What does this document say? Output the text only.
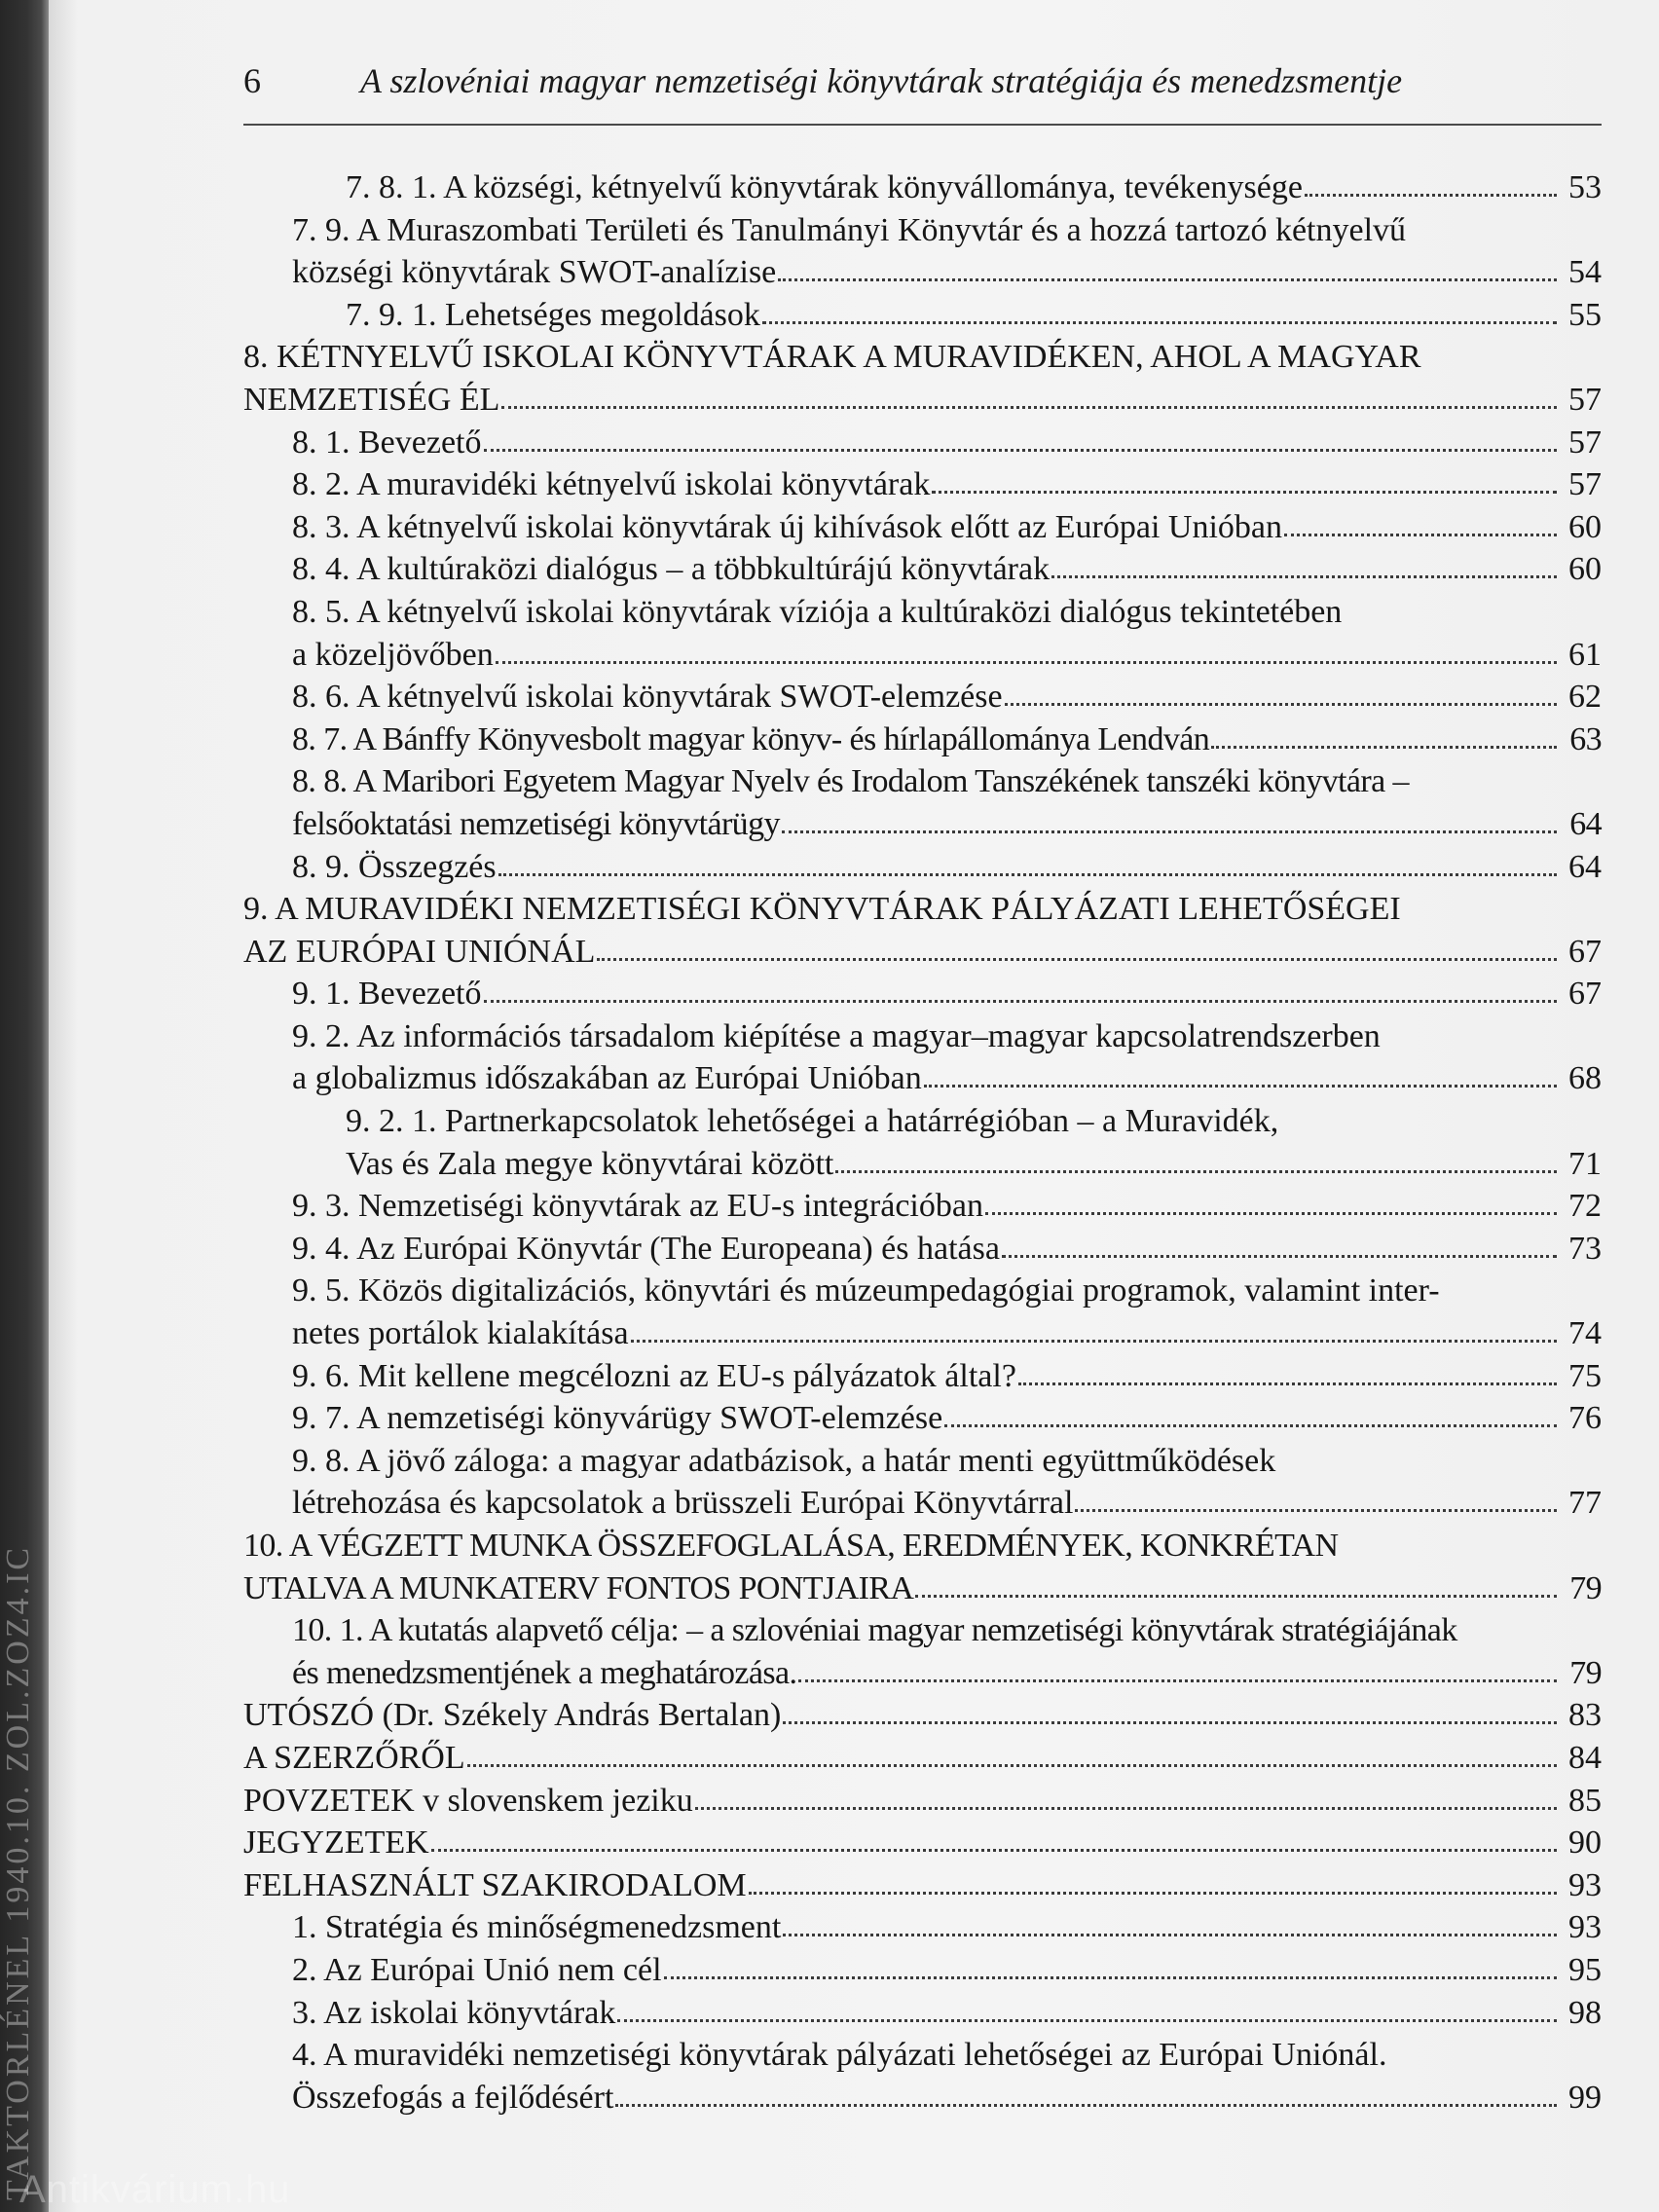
TAKTORLÉNEL 1940.10. ZOL.ZOZ4.IC
6	A szlovéniai magyar nemzetiségi könyvtárak stratégiája és menedzsmentje
7. 8. 1. A községi, kétnyelvű könyvtárak könyvállománya, tevékenysége	53
7. 9. A Muraszombati Területi és Tanulmányi Könyvtár és a hozzá tartozó kétnyelvű
községi könyvtárak SWOT-analízise	54
7. 9. 1. Lehetséges megoldások	55
8. KÉTNYELVŰ ISKOLAI KÖNYVTÁRAK A MURAVIDÉKEN, AHOL A MAGYAR
NEMZETISÉG ÉL	57
8. 1. Bevezető	57
8. 2. A muravidéki kétnyelvű iskolai könyvtárak	57
8. 3. A kétnyelvű iskolai könyvtárak új kihívások előtt az Európai Unióban	60
8. 4. A kultúraközi dialógus – a többkultúrájú könyvtárak	60
8. 5. A kétnyelvű iskolai könyvtárak víziója a kultúraközi dialógus tekintetében
a közeljövőben	61
8. 6. A kétnyelvű iskolai könyvtárak SWOT-elemzése	62
8. 7. A Bánffy Könyvesbolt magyar könyv- és hírlapállománya Lendván	63
8. 8. A Maribori Egyetem Magyar Nyelv és Irodalom Tanszékének tanszéki könyvtára –
felsőoktatási nemzetiségi könyvtárügy	64
8. 9. Összegzés	64
9. A MURAVIDÉKI NEMZETISÉGI KÖNYVTÁRAK PÁLYÁZATI LEHETŐSÉGEI
AZ EURÓPAI UNIÓNÁL	67
9. 1. Bevezető	67
9. 2. Az információs társadalom kiépítése a magyar–magyar kapcsolatrendszerben
a globalizmus időszakában az Európai Unióban	68
9. 2. 1. Partnerkapcsolatok lehetőségei a határrégióban – a Muravidék,
Vas és Zala megye könyvtárai között	71
9. 3. Nemzetiségi könyvtárak az EU-s integrációban	72
9. 4. Az Európai Könyvtár (The Europeana) és hatása	73
9. 5. Közös digitalizációs, könyvtári és múzeumpedagógiai programok, valamint inter-
netes portálok kialakítása	74
9. 6. Mit kellene megcélozni az EU-s pályázatok által?	75
9. 7. A nemzetiségi könyvárügy SWOT-elemzése	76
9. 8. A jövő záloga: a magyar adatbázisok, a határ menti együttműködések
létrehozása és kapcsolatok a brüsszeli Európai Könyvtárral	77
10. A VÉGZETT MUNKA ÖSSZEFOGLALÁSA, EREDMÉNYEK, KONKRÉTAN
UTALVA A MUNKATERV FONTOS PONTJAIRA	79
10. 1. A kutatás alapvető célja: – a szlovéniai magyar nemzetiségi könyvtárak stratégiájának
és menedzsmentjének a meghatározása.	79
UTÓSZÓ (Dr. Székely András Bertalan)	83
A SZERZŐRŐL	84
POVZETEK v slovenskem jeziku	85
JEGYZETEK	90
FELHASZNÁLT SZAKIRODALOM	93
1. Stratégia és minőségmenedzsment	93
2. Az Európai Unió nem cél	95
3. Az iskolai könyvtárak	98
4. A muravidéki nemzetiségi könyvtárak pályázati lehetőségei az Európai Uniónál.
Összefogás a fejlődésért	99
Antikvárium.hu
